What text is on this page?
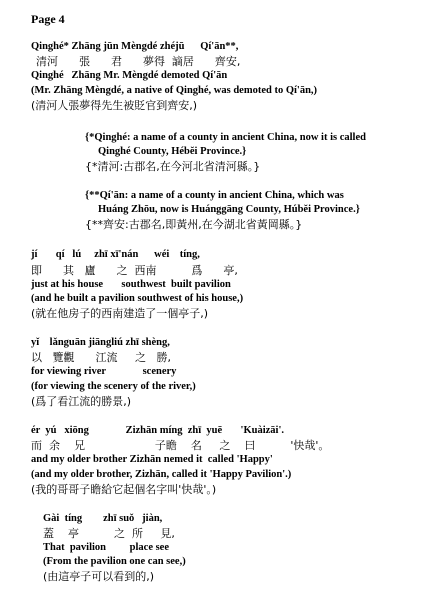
Page 4
Qinghé* Zhāng jūn Mèngdé zhéjū      Qí'ān**,
清河      張      君      夢得  謫居      齊安,
Qinghé   Zhāng Mr. Mèngdé demoted Qí'ān
(Mr. Zhāng Mèngdé, a native of Qinghé, was demoted to Qí'ān,)
(清河人張夢得先生被貶官到齊安,)
{*Qinghé: a name of a county in ancient China, now it is called
Qinghé County, Hébĕi Province.}
{*清河:古郡名,在今河北省清河縣。}
{**Qí'ān: a name of a county in ancient China, which was
Huáng Zhōu, now is Huánggāng County, Húbĕi Province.}
{**齊安:古郡名,即黃州,在今湖北省黃岡縣。}
jí       qí   lú     zhī xī'nán      wéi    tíng,
即      其   廬      之  西南          爲      亭,
just at his house       southwest  built pavilion
(and he built a pavilion southwest of his house,)
(就在他房子的西南建造了一個亭子,)
yǐ    lǎnguān jiāngliú zhī shèng,
以   覽觀      江流     之   勝,
for viewing river              scenery
(for viewing the scenery of the river,)
(爲了看江流的勝景,)
ér  yú   xiōng              Zizhān míng  zhī  yuē       'Kuàizāi'.
而  余    兄                    子瞻    名     之    曰          '快哉'。
and my older brother Zizhān nemed it  called 'Happy'
(and my older brother, Zizhān, called it 'Happy Pavilion'.)
(我的哥哥子瞻給它起個名字叫'快哉'。)
Gài  tíng        zhī suǒ   jiàn,
蓋    亭          之  所     見,
That  pavilion         place see
(From the pavilion one can see,)
(由這亭子可以看到的,)
